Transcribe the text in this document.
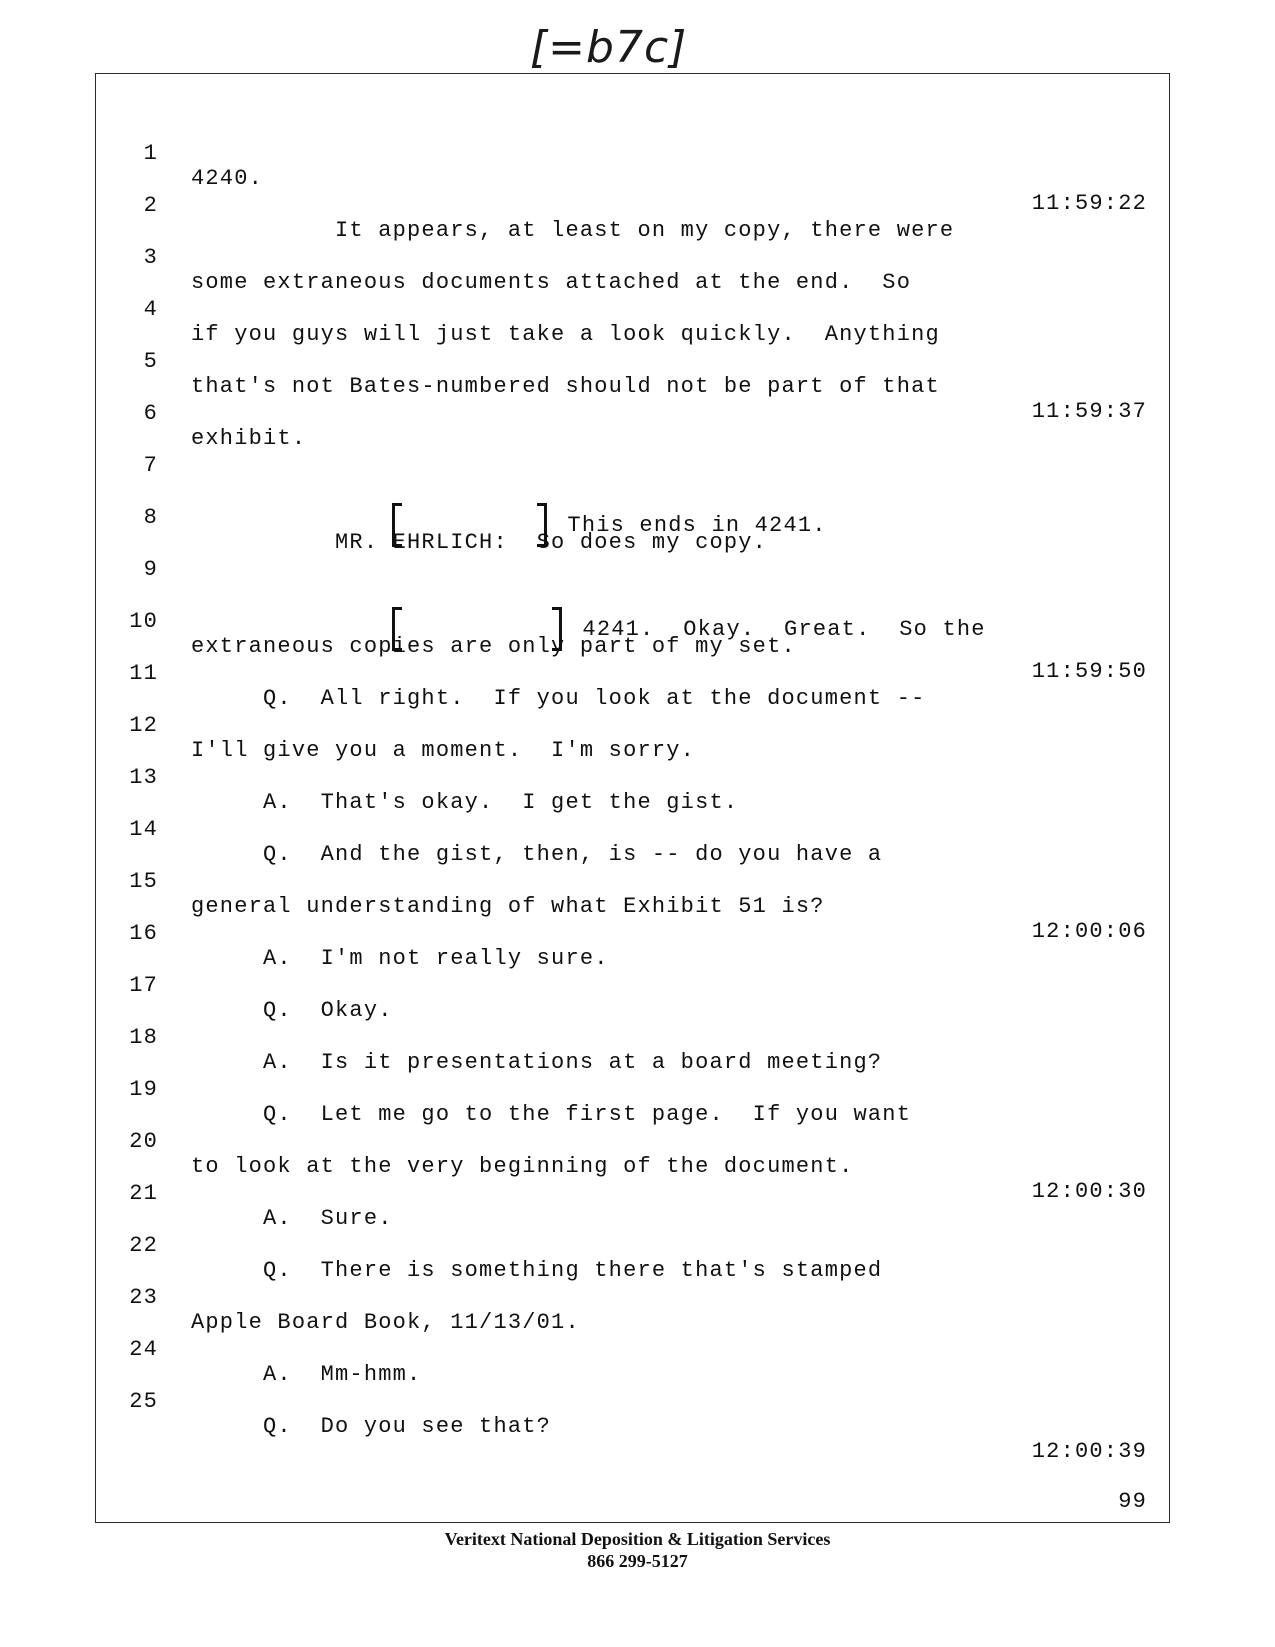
[=b7c]

1

4240.

11:59:22

2

It appears, at least on my copy, there were

3

some extraneous documents attached at the end.  So

4

if you guys will just take a look quickly.  Anything

5

that's not Bates-numbered should not be part of that

11:59:37

6

exhibit.

7

This ends in 4241.

8

MR. EHRLICH:  So does my copy.

9

4241.  Okay.  Great.  So the

10

extraneous copies are only part of my set.

11:59:50

11

Q.  All right.  If you look at the document --

12

I'll give you a moment.  I'm sorry.

13

A.  That's okay.  I get the gist.

14

Q.  And the gist, then, is -- do you have a

15

general understanding of what Exhibit 51 is?

12:00:06

16

A.  I'm not really sure.

17

Q.  Okay.

18

A.  Is it presentations at a board meeting?

19

Q.  Let me go to the first page.  If you want

20

to look at the very beginning of the document.

12:00:30

21

A.  Sure.

22

Q.  There is something there that's stamped

23

Apple Board Book, 11/13/01.

24

A.  Mm-hmm.

25

Q.  Do you see that?

12:00:39

99
Veritext National Deposition & Litigation Services
866 299-5127
